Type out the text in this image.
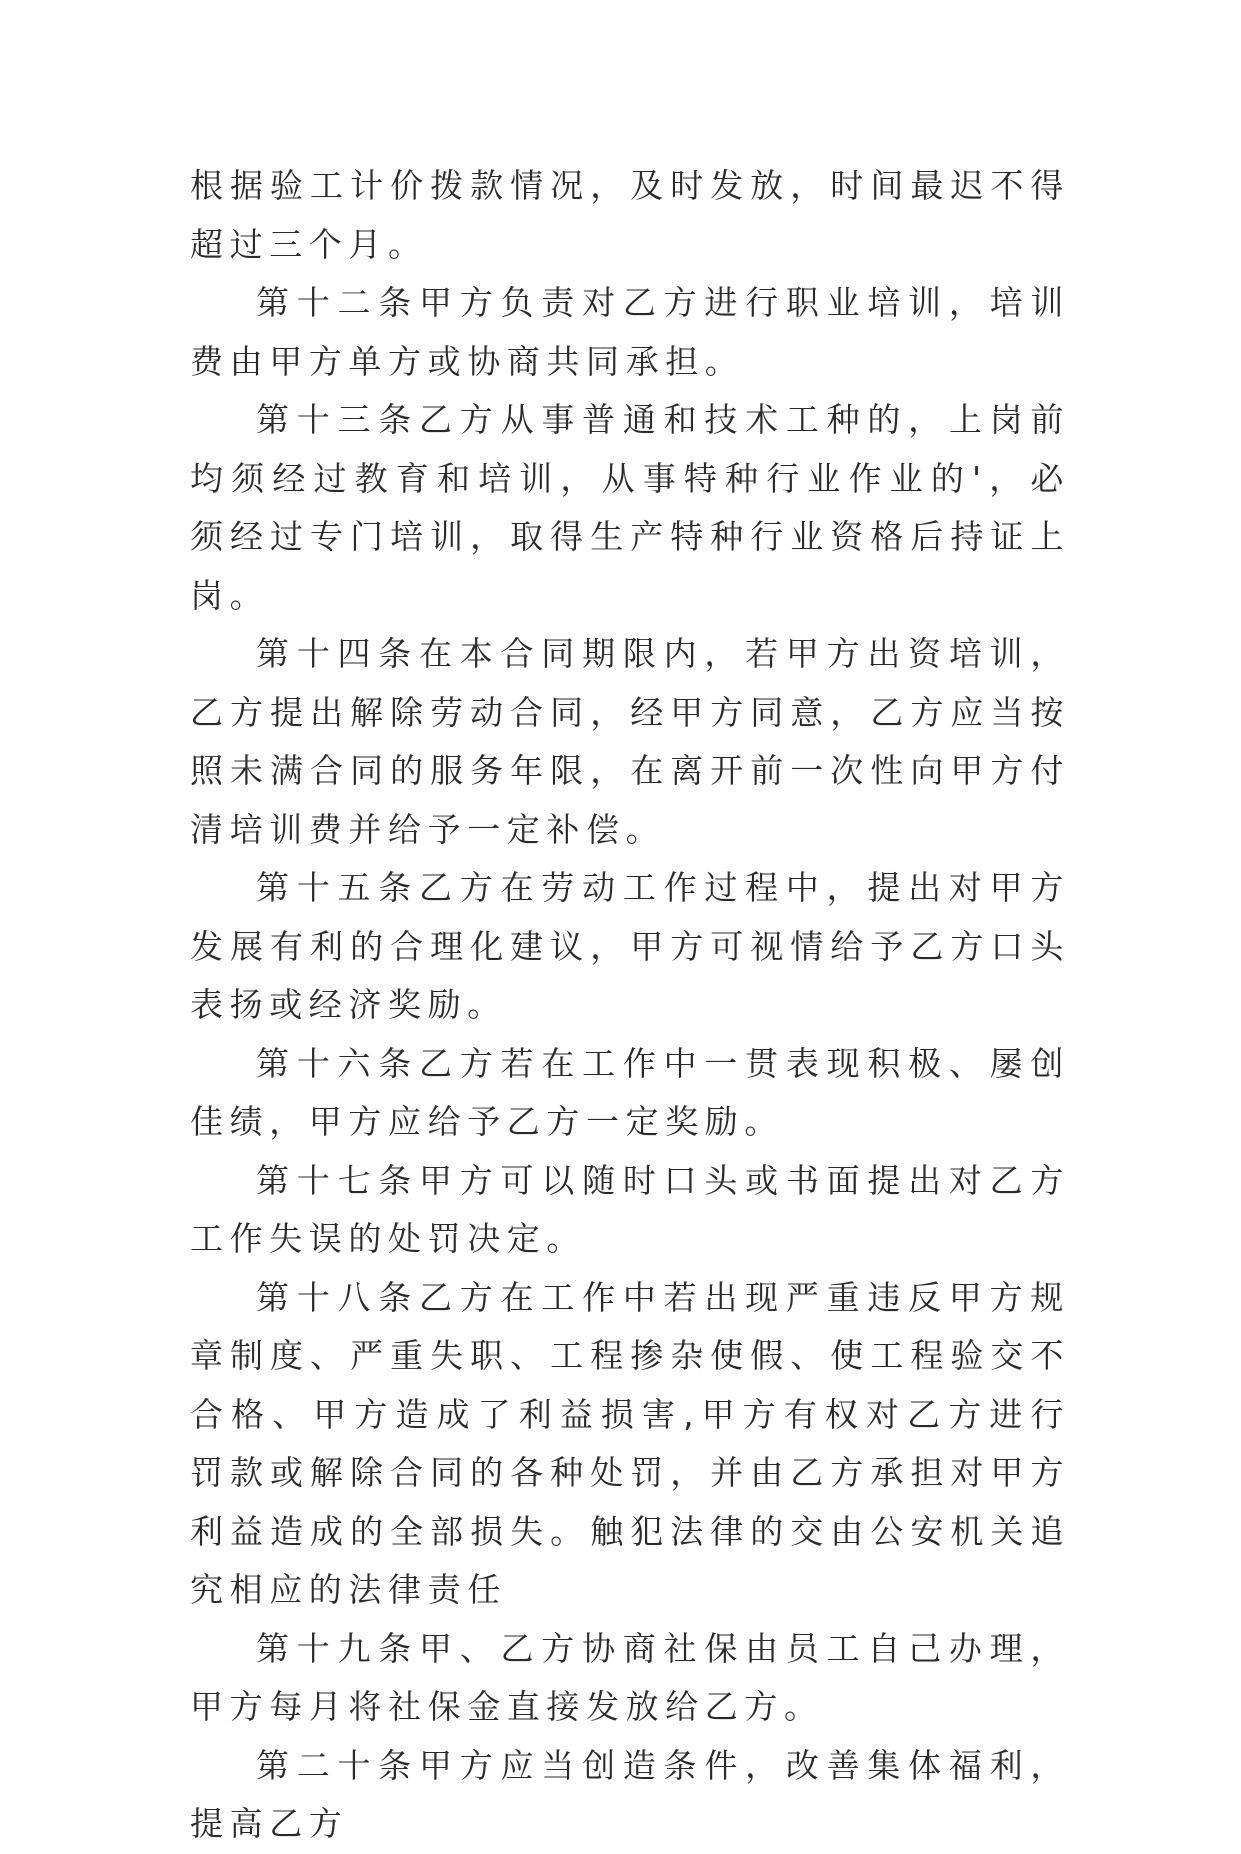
根据验工计价拨款情况，及时发放，时间最迟不得超过三个月。

第十二条甲方负责对乙方进行职业培训，培训费由甲方单方或协商共同承担。

第十三条乙方从事普通和技术工种的，上岗前均须经过教育和培训，从事特种行业作业的'，必须经过专门培训，取得生产特种行业资格后持证上岗。

第十四条在本合同期限内，若甲方出资培训，乙方提出解除劳动合同，经甲方同意，乙方应当按照未满合同的服务年限，在离开前一次性向甲方付清培训费并给予一定补偿。

第十五条乙方在劳动工作过程中，提出对甲方发展有利的合理化建议，甲方可视情给予乙方口头表扬或经济奖励。

第十六条乙方若在工作中一贯表现积极、屡创佳绩，甲方应给予乙方一定奖励。

第十七条甲方可以随时口头或书面提出对乙方工作失误的处罚决定。

第十八条乙方在工作中若出现严重违反甲方规章制度、严重失职、工程掺杂使假、使工程验交不合格、甲方造成了利益损害,甲方有权对乙方进行罚款或解除合同的各种处罚，并由乙方承担对甲方利益造成的全部损失。触犯法律的交由公安机关追究相应的法律责任

第十九条甲、乙方协商社保由员工自己办理，甲方每月将社保金直接发放给乙方。

第二十条甲方应当创造条件，改善集体福利，提高乙方
